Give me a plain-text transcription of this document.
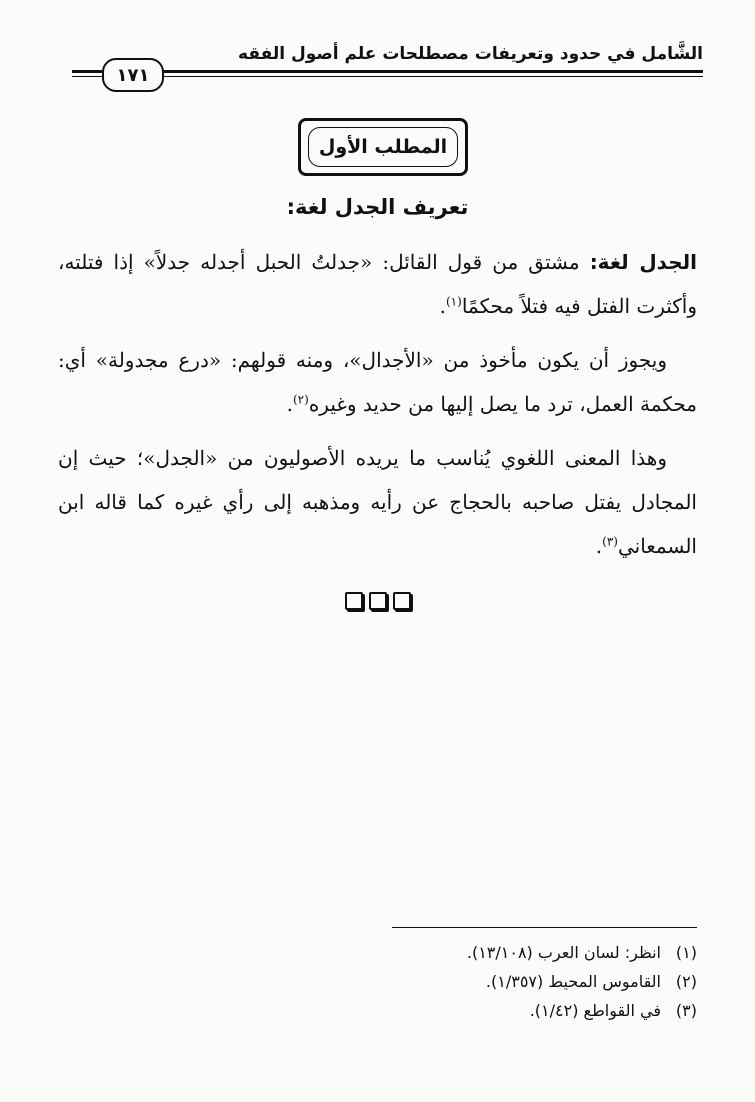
الشَّامل في حدود وتعريفات مصطلحات علم أصول الفقه
١٧١
المطلب الأول
تعريف الجدل لغة:

الجدل لغة: مشتق من قول القائل: «جدلتُ الحبل أجدله جدلاً» إذا فتلته، وأكثرت الفتل فيه فتلاً محكمًا$^{(١)}$.

ويجوز أن يكون مأخوذ من «الأجدال»، ومنه قولهم: «درع مجدولة» أي: محكمة العمل، ترد ما يصل إليها من حديد وغيره$^{(٢)}$.

وهذا المعنى اللغوي يُناسب ما يريده الأصوليون من «الجدل»؛ حيث إن المجادل يفتل صاحبه بالحجاج عن رأيه ومذهبه إلى رأي غيره كما قاله ابن السمعاني$^{(٣)}$.

(١)انظر: لسان العرب (١٣/١٠٨).
(٢)القاموس المحيط (١/٣٥٧).
(٣)في القواطع (١/٤٢).
